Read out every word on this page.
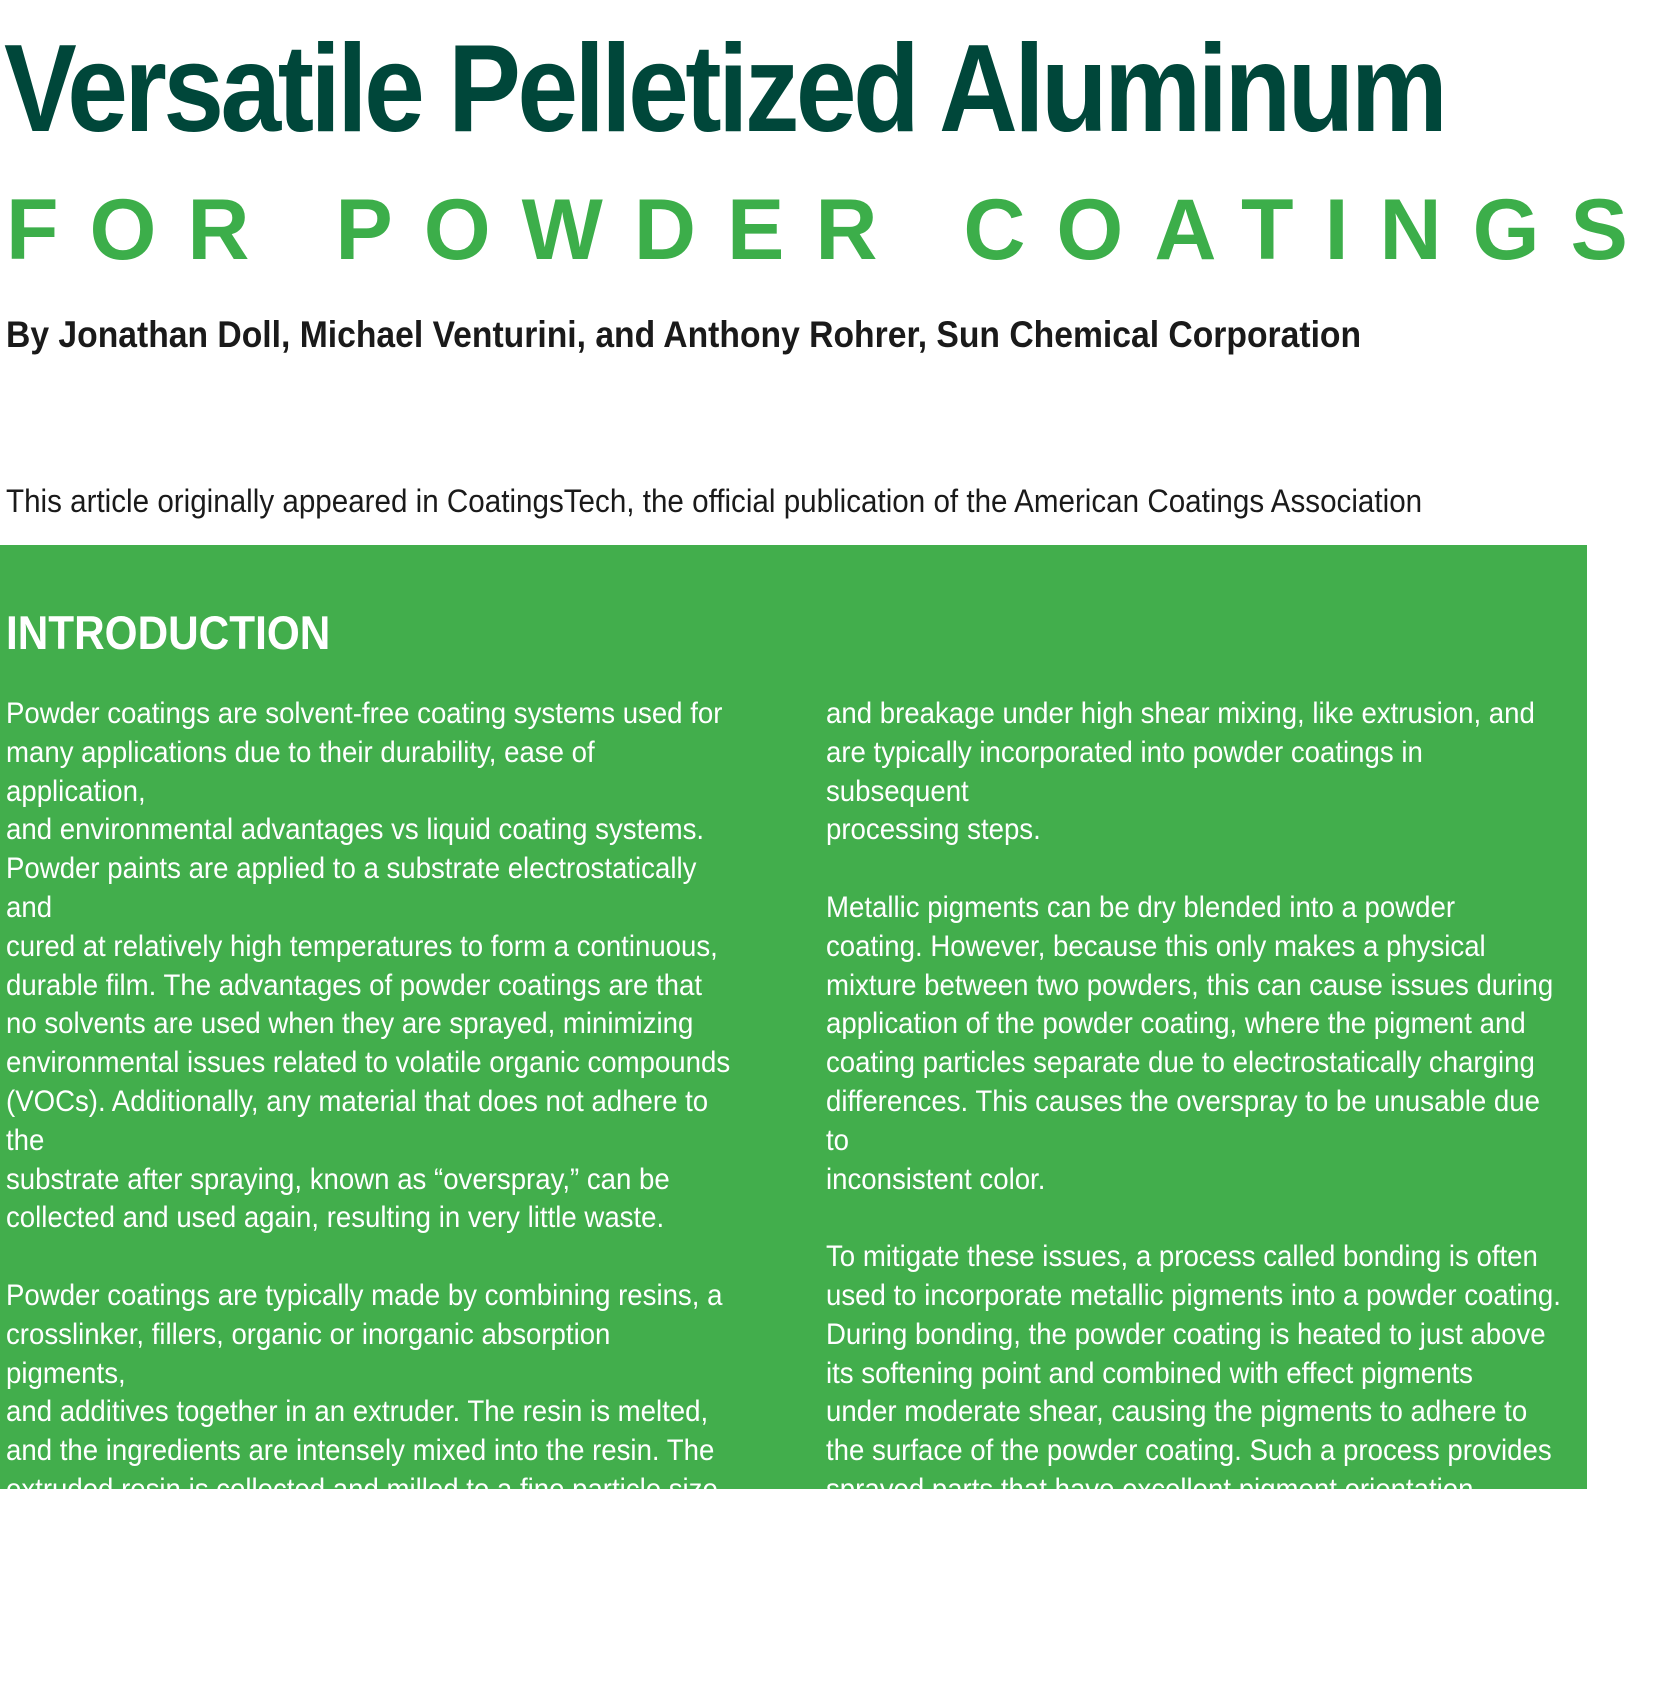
Versatile Pelletized Aluminum
FOR POWDER COATINGS
By Jonathan Doll, Michael Venturini, and Anthony Rohrer, Sun Chemical Corporation
This article originally appeared in CoatingsTech, the official publication of the American Coatings Association
INTRODUCTION

Powder coatings are solvent-free coating systems used for
many applications due to their durability, ease of application,
and environmental advantages vs liquid coating systems.
Powder paints are applied to a substrate electrostatically and
cured at relatively high temperatures to form a continuous,
durable film. The advantages of powder coatings are that
no solvents are used when they are sprayed, minimizing
environmental issues related to volatile organic compounds
(VOCs). Additionally, any material that does not adhere to the
substrate after spraying, known as “overspray,” can be
collected and used again, resulting in very little waste.

Powder coatings are typically made by combining resins, a
crosslinker, fillers, organic or inorganic absorption pigments,
and additives together in an extruder. The resin is melted,
and the ingredients are intensely mixed into the resin. The
extruded resin is collected and milled to a fine particle size
distribution to then be sprayed.

Effect pigments owe a significant portion of their color and
appearance to their structure and shape. In the case of

and breakage under high shear mixing, like extrusion, and
are typically incorporated into powder coatings in subsequent
processing steps.

Metallic pigments can be dry blended into a powder
coating. However, because this only makes a physical
mixture between two powders, this can cause issues during
application of the powder coating, where the pigment and
coating particles separate due to electrostatically charging
differences. This causes the overspray to be unusable due to
inconsistent color.

To mitigate these issues, a process called bonding is often
used to incorporate metallic pigments into a powder coating.
During bonding, the powder coating is heated to just above
its softening point and combined with effect pigments
under moderate shear, causing the pigments to adhere to
the surface of the powder coating. Such a process provides
sprayed parts that have excellent pigment orientation,
resulting in the best appearance for powder coated articles.
